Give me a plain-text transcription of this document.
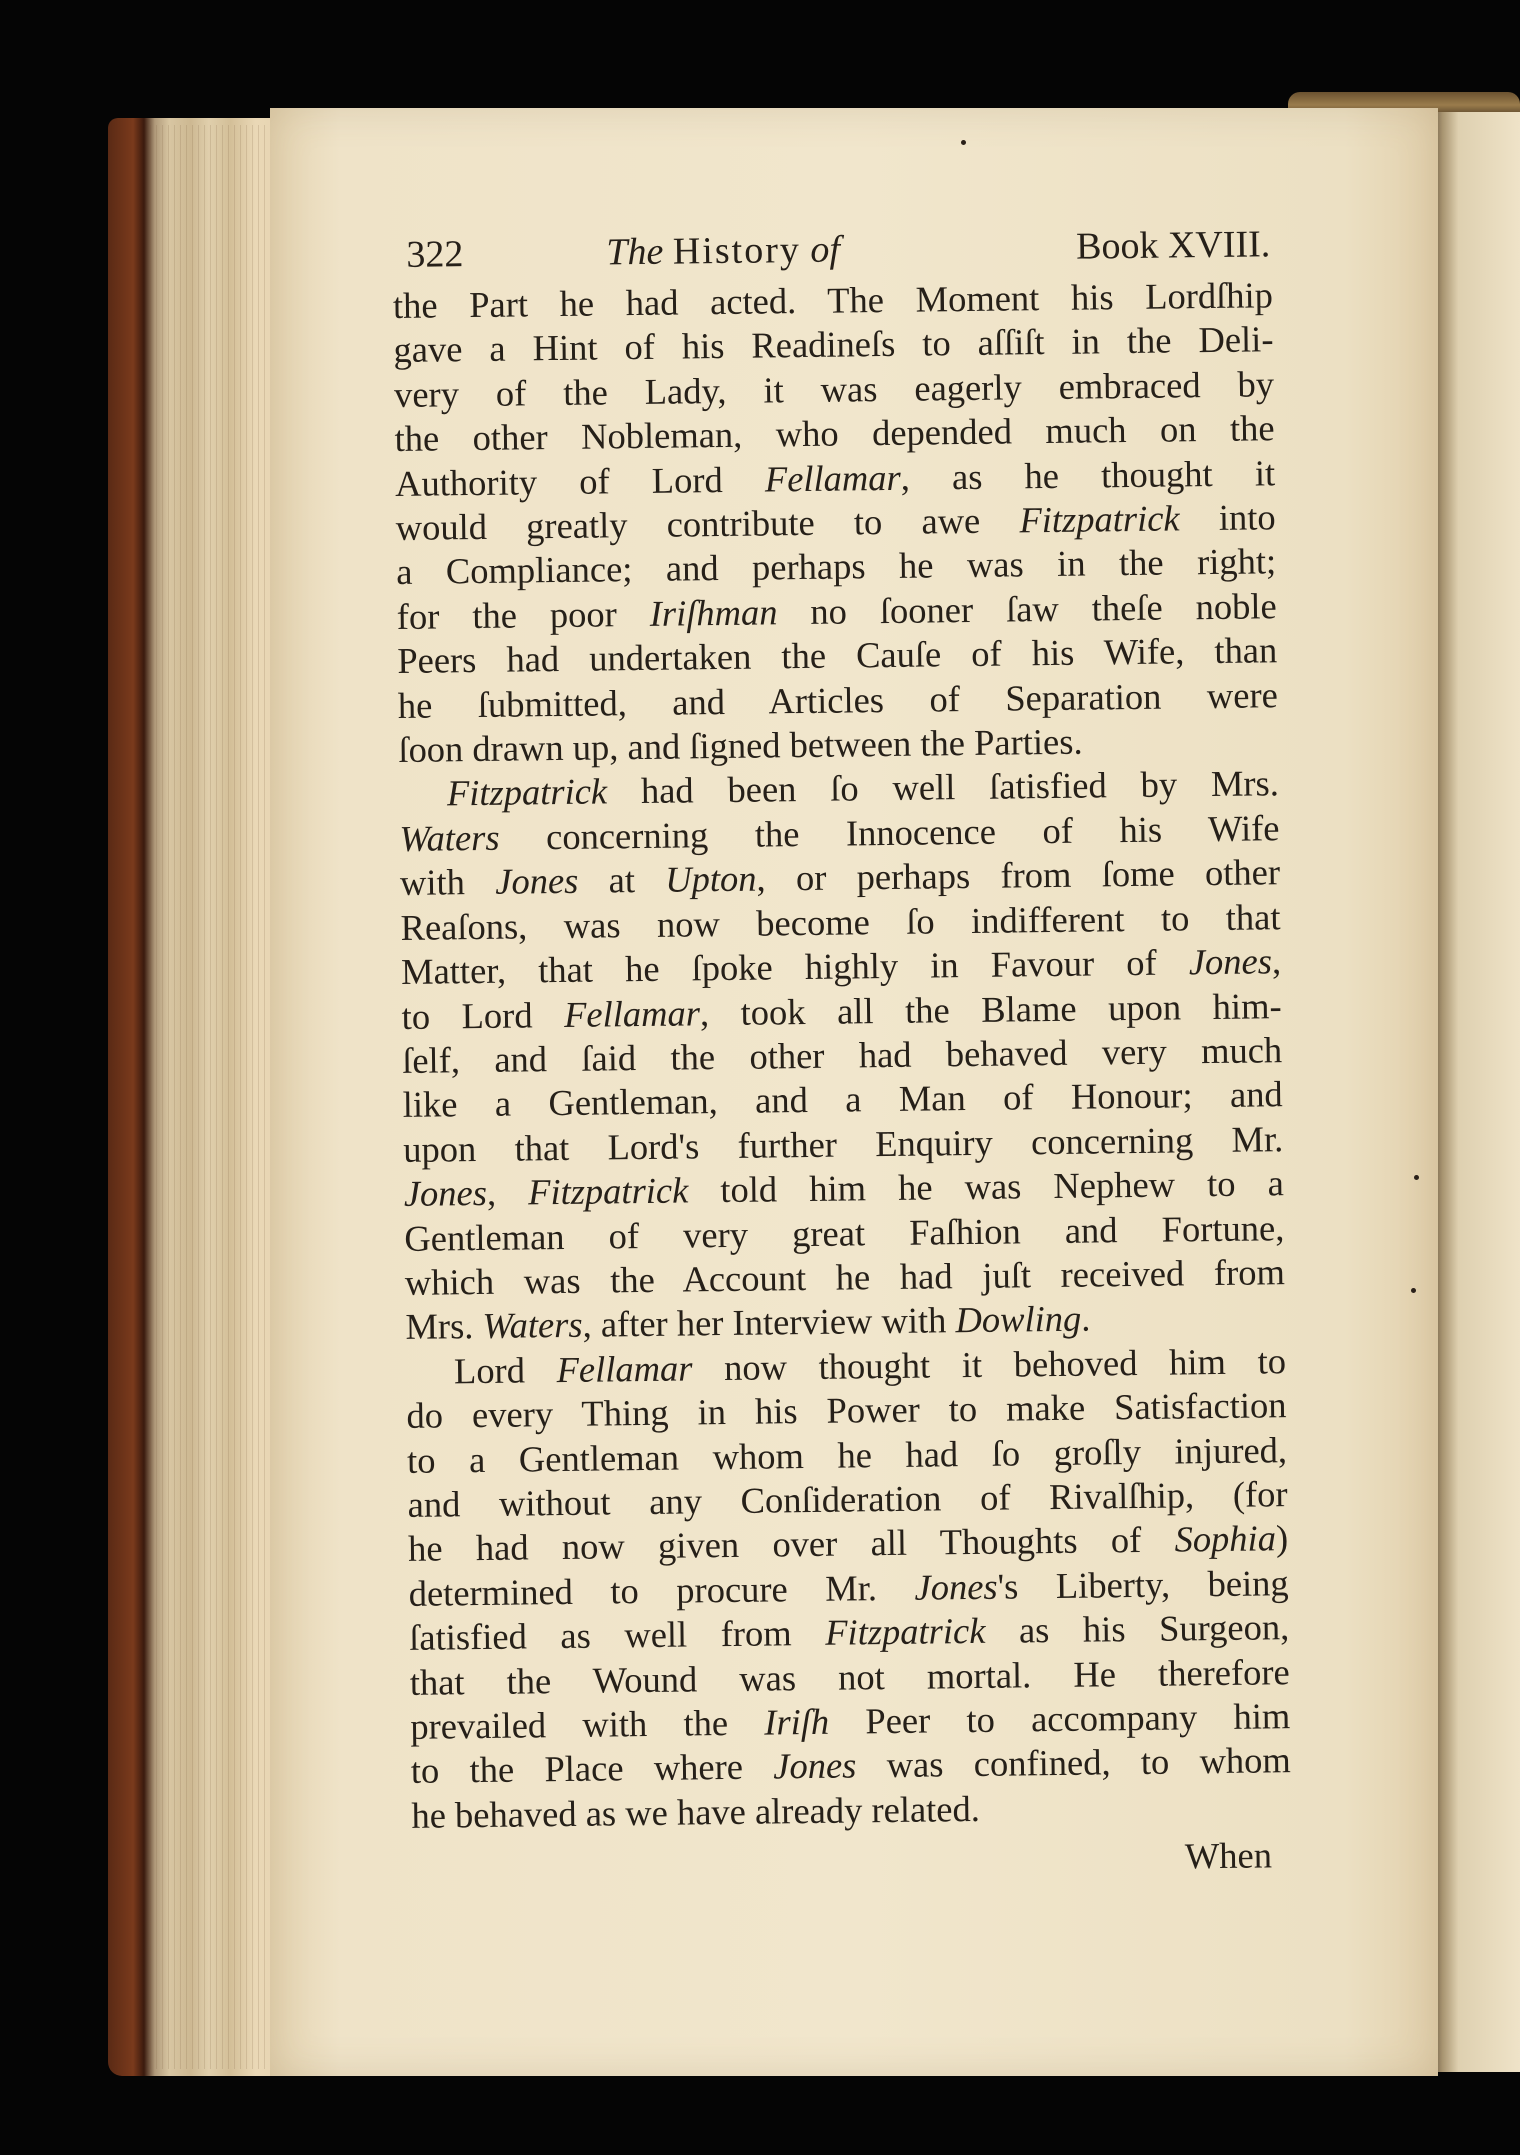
322	The History of	Book XVIII.
the Part he had acted. The Moment his Lordſhip
gave a Hint of his Readineſs to aſſiſt in the Deli-
very of the Lady, it was eagerly embraced by
the other Nobleman, who depended much on the
Authority of Lord Fellamar, as he thought it
would greatly contribute to awe Fitzpatrick into
a Compliance; and perhaps he was in the right;
for the poor Iriſhman no ſooner ſaw theſe noble
Peers had undertaken the Cauſe of his Wife, than
he ſubmitted, and Articles of Separation were
ſoon drawn up, and ſigned between the Parties.
Fitzpatrick had been ſo well ſatisfied by Mrs.
Waters concerning the Innocence of his Wife
with Jones at Upton, or perhaps from ſome other
Reaſons, was now become ſo indifferent to that
Matter, that he ſpoke highly in Favour of Jones,
to Lord Fellamar, took all the Blame upon him-
ſelf, and ſaid the other had behaved very much
like a Gentleman, and a Man of Honour; and
upon that Lord's further Enquiry concerning Mr.
Jones, Fitzpatrick told him he was Nephew to a
Gentleman of very great Faſhion and Fortune,
which was the Account he had juſt received from
Mrs. Waters, after her Interview with Dowling.
Lord Fellamar now thought it behoved him to
do every Thing in his Power to make Satisfaction
to a Gentleman whom he had ſo groſly injured,
and without any Conſideration of Rivalſhip, (for
he had now given over all Thoughts of Sophia)
determined to procure Mr. Jones's Liberty, being
ſatisfied as well from Fitzpatrick as his Surgeon,
that the Wound was not mortal. He therefore
prevailed with the Iriſh Peer to accompany him
to the Place where Jones was confined, to whom
he behaved as we have already related.
When
